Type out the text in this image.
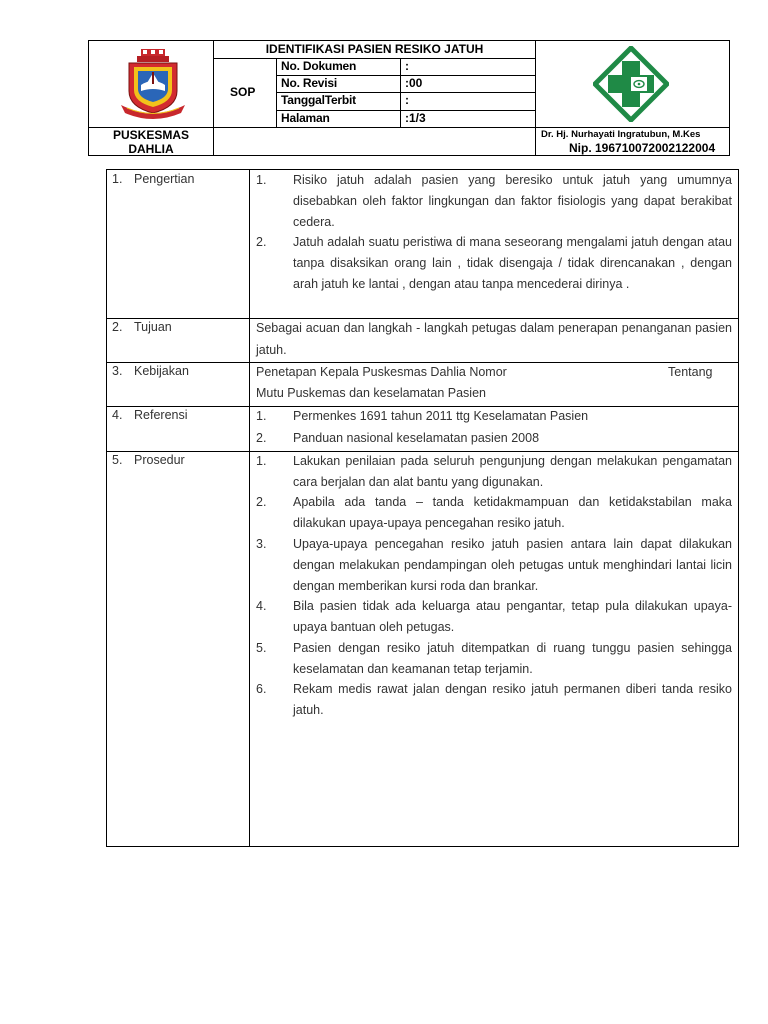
IDENTIFIKASI PASIEN RESIKO JATUH
SOP
No. Dokumen	:
No. Revisi	:00
TanggalTerbit	:
Halaman	:1/3
PUSKESMAS
DAHLIA
Dr. Hj. Nurhayati Ingratubun, M.Kes
Nip. 196710072002122004
1. Pengertian	1. Risiko jatuh adalah pasien yang beresiko untuk jatuh yang umumnya disebabkan oleh faktor lingkungan dan faktor fisiologis yang dapat berakibat cedera.
2. Jatuh adalah suatu peristiwa di mana seseorang mengalami jatuh dengan atau tanpa disaksikan orang lain , tidak disengaja / tidak direncanakan , dengan arah jatuh ke lantai , dengan atau tanpa mencederai dirinya .
2. Tujuan	Sebagai acuan dan langkah - langkah petugas dalam penerapan penanganan pasien jatuh.
3. Kebijakan	Penetapan Kepala Puskesmas Dahlia Nomor	Tentang
Mutu Puskemas dan keselamatan Pasien
4. Referensi	1. Permenkes 1691 tahun 2011 ttg Keselamatan Pasien
2. Panduan nasional keselamatan pasien 2008
5. Prosedur	1. Lakukan penilaian pada seluruh pengunjung dengan melakukan pengamatan cara berjalan dan alat bantu yang digunakan.
2. Apabila ada tanda – tanda ketidakmampuan dan ketidakstabilan maka dilakukan upaya-upaya pencegahan resiko jatuh.
3. Upaya-upaya pencegahan resiko jatuh pasien antara lain dapat dilakukan dengan melakukan pendampingan oleh petugas untuk menghindari lantai licin dengan memberikan kursi roda dan brankar.
4. Bila pasien tidak ada keluarga atau pengantar, tetap pula dilakukan upaya-upaya bantuan oleh petugas.
5. Pasien dengan resiko jatuh ditempatkan di ruang tunggu pasien sehingga keselamatan dan keamanan tetap terjamin.
6. Rekam medis rawat jalan dengan resiko jatuh permanen diberi tanda resiko jatuh.
